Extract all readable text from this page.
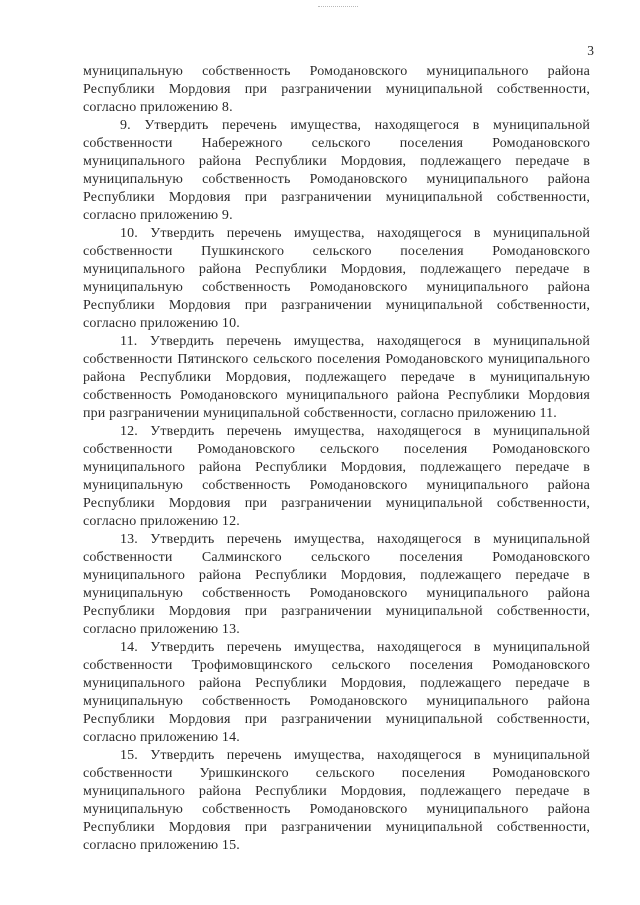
3

муниципальную собственность Ромодановского муниципального района Республики Мордовия при разграничении муниципальной собственности, согласно приложению 8.

9. Утвердить перечень имущества, находящегося в муниципальной собственности Набережного сельского поселения Ромодановского муниципального района Республики Мордовия, подлежащего передаче в муниципальную собственность Ромодановского муниципального района Республики Мордовия при разграничении муниципальной собственности, согласно приложению 9.

10. Утвердить перечень имущества, находящегося в муниципальной собственности Пушкинского сельского поселения Ромодановского муниципального района Республики Мордовия, подлежащего передаче в муниципальную собственность Ромодановского муниципального района Республики Мордовия при разграничении муниципальной собственности, согласно приложению 10.

11. Утвердить перечень имущества, находящегося в муниципальной собственности Пятинского сельского поселения Ромодановского муниципального района Республики Мордовия, подлежащего передаче в муниципальную собственность Ромодановского муниципального района Республики Мордовия при разграничении муниципальной собственности, согласно приложению 11.

12. Утвердить перечень имущества, находящегося в муниципальной собственности Ромодановского сельского поселения Ромодановского муниципального района Республики Мордовия, подлежащего передаче в муниципальную собственность Ромодановского муниципального района Республики Мордовия при разграничении муниципальной собственности, согласно приложению 12.

13. Утвердить перечень имущества, находящегося в муниципальной собственности Салминского сельского поселения Ромодановского муниципального района Республики Мордовия, подлежащего передаче в муниципальную собственность Ромодановского муниципального района Республики Мордовия при разграничении муниципальной собственности, согласно приложению 13.

14. Утвердить перечень имущества, находящегося в муниципальной собственности Трофимовщинского сельского поселения Ромодановского муниципального района Республики Мордовия, подлежащего передаче в муниципальную собственность Ромодановского муниципального района Республики Мордовия при разграничении муниципальной собственности, согласно приложению 14.

15. Утвердить перечень имущества, находящегося в муниципальной собственности Уришкинского сельского поселения Ромодановского муниципального района Республики Мордовия, подлежащего передаче в муниципальную собственность Ромодановского муниципального района Республики Мордовия при разграничении муниципальной собственности, согласно приложению 15.
